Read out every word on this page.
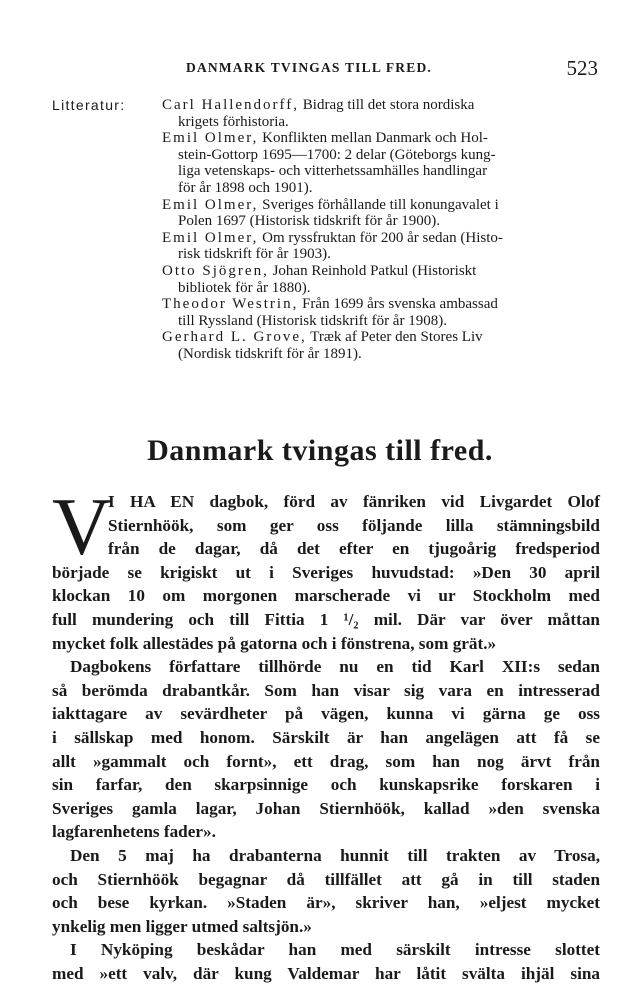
DANMARK TVINGAS TILL FRED.	523
Litteratur: Carl Hallendorff, Bidrag till det stora nordiska
krigets förhistoria.
Emil Olmer, Konflikten mellan Danmark och Hol-
stein-Gottorp 1695—1700: 2 delar (Göteborgs kung-
liga vetenskaps- och vitterhetssamhälles handlingar
för år 1898 och 1901).
Emil Olmer, Sveriges förhållande till konungavalet i
Polen 1697 (Historisk tidskrift för år 1900).
Emil Olmer, Om ryssfruktan för 200 år sedan (Histo-
risk tidskrift för år 1903).
Otto Sjögren, Johan Reinhold Patkul (Historiskt
bibliotek för år 1880).
Theodor Westrin, Från 1699 års svenska ambassad
till Ryssland (Historisk tidskrift för år 1908).
Gerhard L. Grove, Træk af Peter den Stores Liv
(Nordisk tidskrift för år 1891).
Danmark tvingas till fred.
V
I HA EN dagbok, förd av fänriken vid Livgardet Olof
Stiernhöök, som ger oss följande lilla stämningsbild
från de dagar, då det efter en tjugoårig fredsperiod
började se krigiskt ut i Sveriges huvudstad: »Den 30 april
klockan 10 om morgonen marscherade vi ur Stockholm med
full mundering och till Fittia 1 ¹/₂ mil. Där var över måttan
mycket folk allestädes på gatorna och i fönstrena, som grät.»
Dagbokens författare tillhörde nu en tid Karl XII:s sedan
så berömda drabantkår. Som han visar sig vara en intresserad
iakttagare av sevärdheter på vägen, kunna vi gärna ge oss
i sällskap med honom. Särskilt är han angelägen att få se
allt »gammalt och fornt», ett drag, som han nog ärvt från
sin farfar, den skarpsinnige och kunskapsrike forskaren i
Sveriges gamla lagar, Johan Stiernhöök, kallad »den svenska
lagfarenhetens fader».
Den 5 maj ha drabanterna hunnit till trakten av Trosa,
och Stiernhöök begagnar då tillfället att gå in till staden
och bese kyrkan. »Staden är», skriver han, »eljest mycket
ynkelig men ligger utmed saltsjön.»
I Nyköping beskådar han med särskilt intresse slottet
med »ett valv, där kung Valdemar har låtit svälta ihjäl sina
